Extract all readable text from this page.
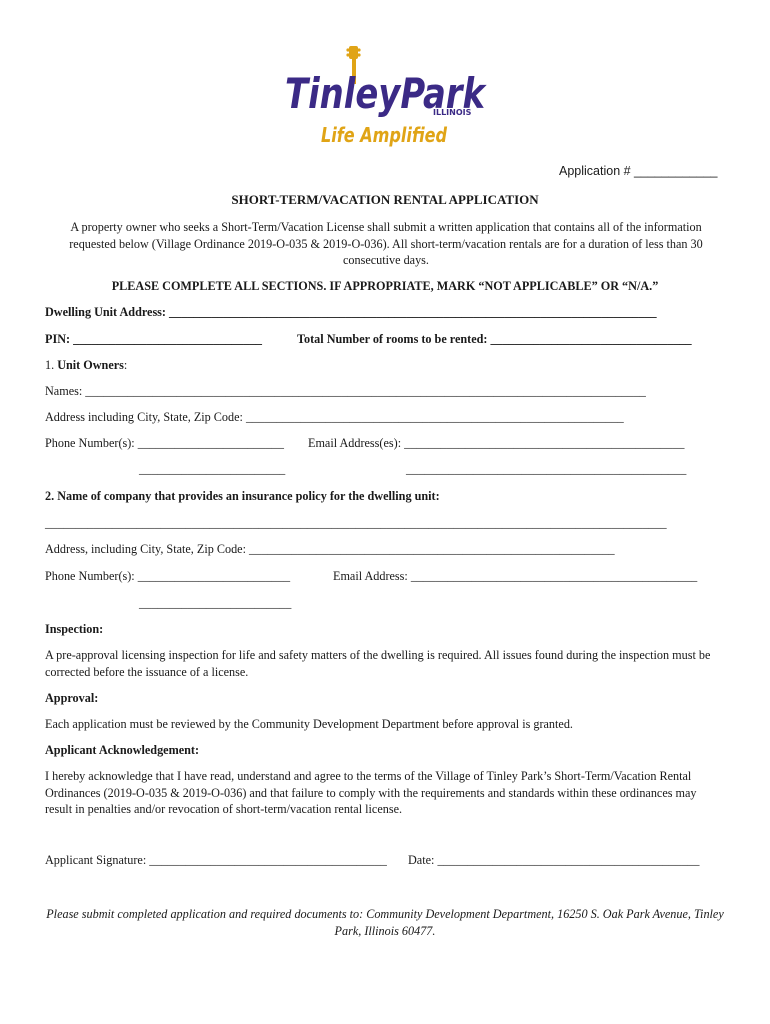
TinleyPark
ILLINOIS
Life Amplified
Application # ____________
SHORT-TERM/VACATION RENTAL APPLICATION
A property owner who seeks a Short-Term/Vacation License shall submit a written application that contains all of the information requested below (Village Ordinance 2019-O-035 & 2019-O-036). All short-term/vacation rentals are for a duration of less than 30 consecutive days.
PLEASE COMPLETE ALL SECTIONS. IF APPROPRIATE, MARK “NOT APPLICABLE” OR “N/A.”
Dwelling Unit Address: ________________________________________________________________________________
PIN: _______________________________	Total Number of rooms to be rented: _________________________________
1. Unit Owners:
Names: ____________________________________________________________________________________________
Address including City, State, Zip Code: ______________________________________________________________
Phone Number(s): ________________________ Email Address(es): ______________________________________________
________________________	______________________________________________
2. Name of company that provides an insurance policy for the dwelling unit:
______________________________________________________________________________________________________
Address, including City, State, Zip Code: ____________________________________________________________
Phone Number(s): _________________________	Email Address: _______________________________________________
_________________________
Inspection:
A pre-approval licensing inspection for life and safety matters of the dwelling is required. All issues found during the inspection must be corrected before the issuance of a license.
Approval:
Each application must be reviewed by the Community Development Department before approval is granted.
Applicant Acknowledgement:
I hereby acknowledge that I have read, understand and agree to the terms of the Village of Tinley Park’s Short-Term/Vacation Rental Ordinances (2019-O-035 & 2019-O-036) and that failure to comply with the requirements and standards within these ordinances may result in penalties and/or revocation of short-term/vacation rental license.
Applicant Signature: _______________________________________ Date: ___________________________________________
Please submit completed application and required documents to: Community Development Department, 16250 S. Oak Park Avenue, Tinley Park, Illinois 60477.
